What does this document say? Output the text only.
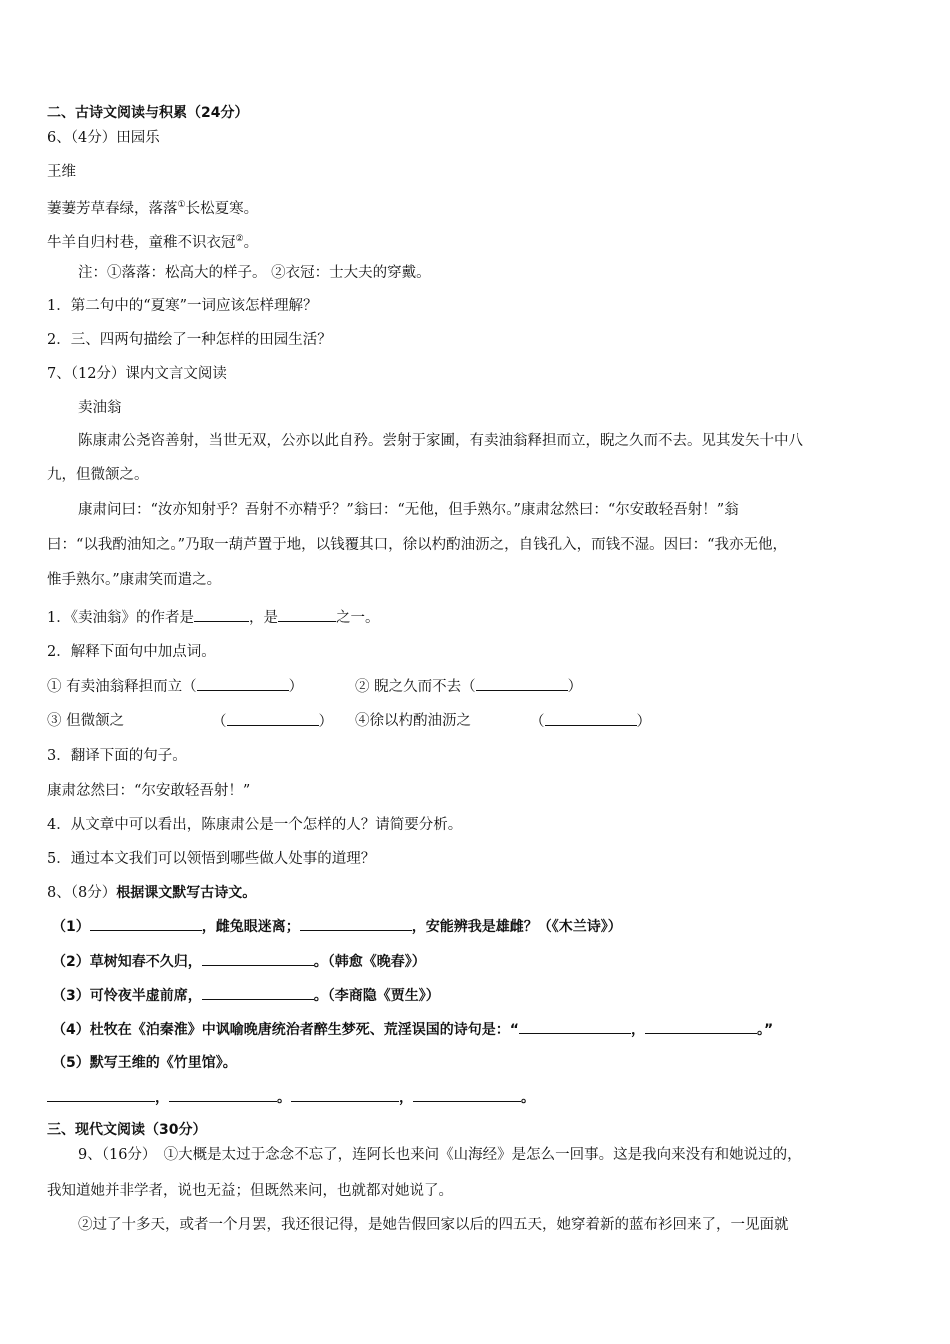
二、古诗文阅读与积累（24分）
6、（4分）田园乐
王维
萋萋芳草春绿，落落①长松夏寒。
牛羊自归村巷，童稚不识衣冠②。
注：①落落：松高大的样子。 ②衣冠：士大夫的穿戴。
1．第二句中的“夏寒”一词应该怎样理解？
2．三、四两句描绘了一种怎样的田园生活？
7、（12分）课内文言文阅读
卖油翁
陈康肃公尧咨善射，当世无双，公亦以此自矜。尝射于家圃，有卖油翁释担而立，睨之久而不去。见其发矢十中八
九，但微颔之。
康肃问曰：“汝亦知射乎？吾射不亦精乎？”翁曰：“无他，但手熟尔。”康肃忿然曰：“尔安敢轻吾射！”翁
曰：“以我酌油知之。”乃取一葫芦置于地，以钱覆其口，徐以杓酌油沥之，自钱孔入，而钱不湿。因曰：“我亦无他，
惟手熟尔。”康肃笑而遣之。
1．《卖油翁》的作者是	，是	之一。
2．解释下面句中加点词。
① 有卖油翁释担而立（	）	② 睨之久而不去（	）
③ 但微颔之	（	） ④徐以杓酌油沥之	（	）
3．翻译下面的句子。
康肃忿然曰：“尔安敢轻吾射！”
4．从文章中可以看出，陈康肃公是一个怎样的人？请简要分析。
5．通过本文我们可以领悟到哪些做人处事的道理？
8、（8分）根据课文默写古诗文。
（1）	，雌兔眼迷离；	，安能辨我是雄雌？（《木兰诗》）
（2）草树知春不久归，	。（韩愈《晚春》）
（3）可怜夜半虚前席，	。（李商隐《贾生》）
（4）杜牧在《泊秦淮》中讽喻晚唐统治者醉生梦死、荒淫误国的诗句是：“	，	。”
（5）默写王维的《竹里馆》。
，	。	，	。
三、现代文阅读（30分）
9、（16分）　①大概是太过于念念不忘了，连阿长也来问《山海经》是怎么一回事。这是我向来没有和她说过的，
我知道她并非学者，说也无益；但既然来问，也就都对她说了。
②过了十多天，或者一个月罢，我还很记得，是她告假回家以后的四五天，她穿着新的蓝布衫回来了，一见面就
